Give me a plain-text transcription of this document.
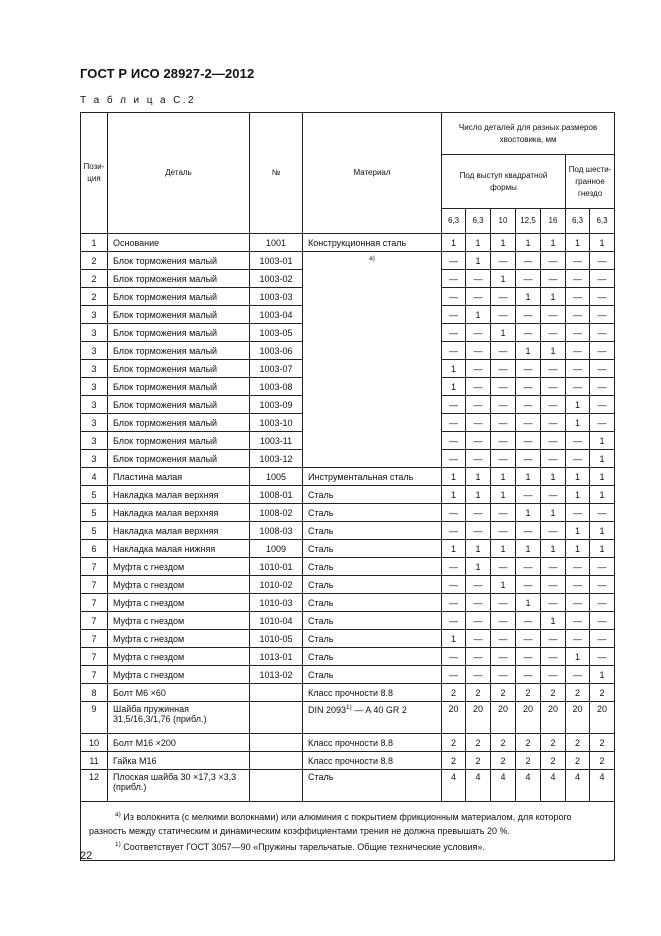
ГОСТ Р ИСО 28927-2—2012
Т а б л и ц а С.2
Пози-
ция	Деталь	№	Материал	Число деталей для разных размеров хвостовика, мм						
				Под выступ квадратной формы					Под шести-
гранное
гнездо	
				6,3	6,3	10	12,5	16	6,3	6,3
1	Основание	1001	Конструкционная сталь	1	1	1	1	1	1	1
2	Блок торможения малый	1003-01	а)	—	1	—	—	—	—	—
2	Блок торможения малый	1003-02		—	—	1	—	—	—	—
2	Блок торможения малый	1003-03		—	—	—	1	1	—	—
3	Блок торможения малый	1003-04		—	1	—	—	—	—	—
3	Блок торможения малый	1003-05		—	—	1	—	—	—	—
3	Блок торможения малый	1003-06		—	—	—	1	1	—	—
3	Блок торможения малый	1003-07		1	—	—	—	—	—	—
3	Блок торможения малый	1003-08		1	—	—	—	—	—	—
3	Блок торможения малый	1003-09		—	—	—	—	—	1	—
3	Блок торможения малый	1003-10		—	—	—	—	—	1	—
3	Блок торможения малый	1003-11		—	—	—	—	—	—	1
3	Блок торможения малый	1003-12		—	—	—	—	—	—	1
4	Пластина малая	1005	Инструментальная сталь	1	1	1	1	1	1	1
5	Накладка малая верхняя	1008-01	Сталь	1	1	1	—	—	1	1
5	Накладка малая верхняя	1008-02	Сталь	—	—	—	1	1	—	—
5	Накладка малая верхняя	1008-03	Сталь	—	—	—	—	—	1	1
6	Накладка малая нижняя	1009	Сталь	1	1	1	1	1	1	1
7	Муфта с гнездом	1010-01	Сталь	—	1	—	—	—	—	—
7	Муфта с гнездом	1010-02	Сталь	—	—	1	—	—	—	—
7	Муфта с гнездом	1010-03	Сталь	—	—	—	1	—	—	—
7	Муфта с гнездом	1010-04	Сталь	—	—	—	—	1	—	—
7	Муфта с гнездом	1010-05	Сталь	1	—	—	—	—	—	—
7	Муфта с гнездом	1013-01	Сталь	—	—	—	—	—	1	—
7	Муфта с гнездом	1013-02	Сталь	—	—	—	—	—	—	1
8	Болт М6 ×60		Класс прочности 8.8	2	2	2	2	2	2	2
9	Шайба пружинная 31,5/16,3/1,76 (прибл.)		DIN 2093$^{1)}$ — A 40 GR 2	20	20	20	20	20	20	20
10	Болт М16 ×200		Класс прочности 8.8	2	2	2	2	2	2	2
11	Гайка М16		Класс прочности 8.8	2	2	2	2	2	2	2
12	Плоская шайба 30 ×17,3 ×3,3 (прибл.)		Сталь	4	4	4	4	4	4	4

$^{а)}$ Из волокнита (с мелкими волокнами) или алюминия с покрытием фрикционным материалом, для которого разность между статическим и динамическим коэффициентами трения не должна превышать 20 %.
$^{1)}$ Соответствует ГОСТ 3057—90 «Пружины тарельчатые. Общие технические условия».										
22
